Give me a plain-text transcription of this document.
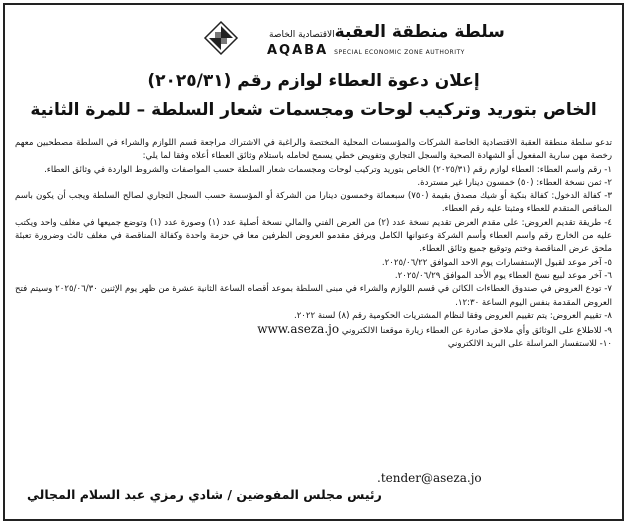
سلطة منطقة العقبةالاقتصادية الخاصة
AQABA SPECIAL ECONOMIC ZONE AUTHORITY
إعلان دعوة العطاء لوازم رقم (٢٠٢٥/٣١)
الخاص بتوريد وتركيب لوحات ومجسمات شعار السلطة – للمرة الثانية

تدعو سلطة منطقة العقبة الاقتصادية الخاصة الشركات والمؤسسات المحلية المختصة والراغبة في الاشتراك مراجعة قسم اللوازم والشراء في السلطة مصطحبين معهم رخصة مهن سارية المفعول أو الشهادة الصحية والسجل التجاري وتفويض خطي يسمح لحامله باستلام وثائق العطاء أعلاه وفقا لما يلي:

١- رقم واسم العطاء: العطاء لوازم رقم (٢٠٢٥/٣١) الخاص بتوريد وتركيب لوحات ومجسمات شعار السلطة حسب المواصفات والشروط الواردة في وثائق العطاء.

٢- ثمن نسخة العطاء: (٥٠) خمسون دينارا غير مستردة.

٣- كفالة الدخول: كفالة بنكية أو شيك مصدق بقيمة (٧٥٠) سبعمائة وخمسون دينارا من الشركة أو المؤسسة حسب السجل التجاري لصالح السلطة ويجب أن يكون باسم المناقص المتقدم للعطاء ومثبتا عليه رقم العطاء.

٤- طريقة تقديم العروض: على مقدم العرض تقديم نسخة عدد (٢) من العرض الفني والمالي نسخة أصلية عدد (١) وصورة عدد (١) وتوضع جميعها في مغلف واحد ويكتب عليه من الخارج رقم واسم العطاء وأسم الشركة وعنوانها الكامل ويرفق مقدمو العروض الظرفين معا في حزمة واحدة وكفالة المناقصة في مغلف ثالث وضرورة تعبئة ملحق عرض المناقصة وختم وتوقيع جميع وثائق العطاء.

٥- آخر موعد لقبول الإستفسارات يوم الاحد الموافق ٢٠٢٥/٠٦/٢٢.

٦- آخر موعد لبيع نسخ العطاء يوم الأحد الموافق ٢٠٢٥/٠٦/٢٩.

٧- تودع العروض في صندوق العطاءات الكائن في قسم اللوازم والشراء في مبنى السلطة بموعد أقصاه الساعة الثانية عشرة من ظهر يوم الإثنين ٢٠٢٥/٠٦/٣٠ وسيتم فتح العروض المقدمة بنفس اليوم الساعة ١٢:٣٠.

٨- تقييم العروض: يتم تقييم العروض وفقا لنظام المشتريات الحكومية رقم (٨) لسنة ٢٠٢٢.

٩- للاطلاع على الوثائق وأي ملاحق صادرة عن العطاء زيارة موقعنا الالكتروني www.aseza.jo

١٠- للاستفسار المراسلة على البريد الالكتروني

.tender@aseza.jo
رئيس مجلس المفوضين / شادي رمزي عبد السلام المجالي
